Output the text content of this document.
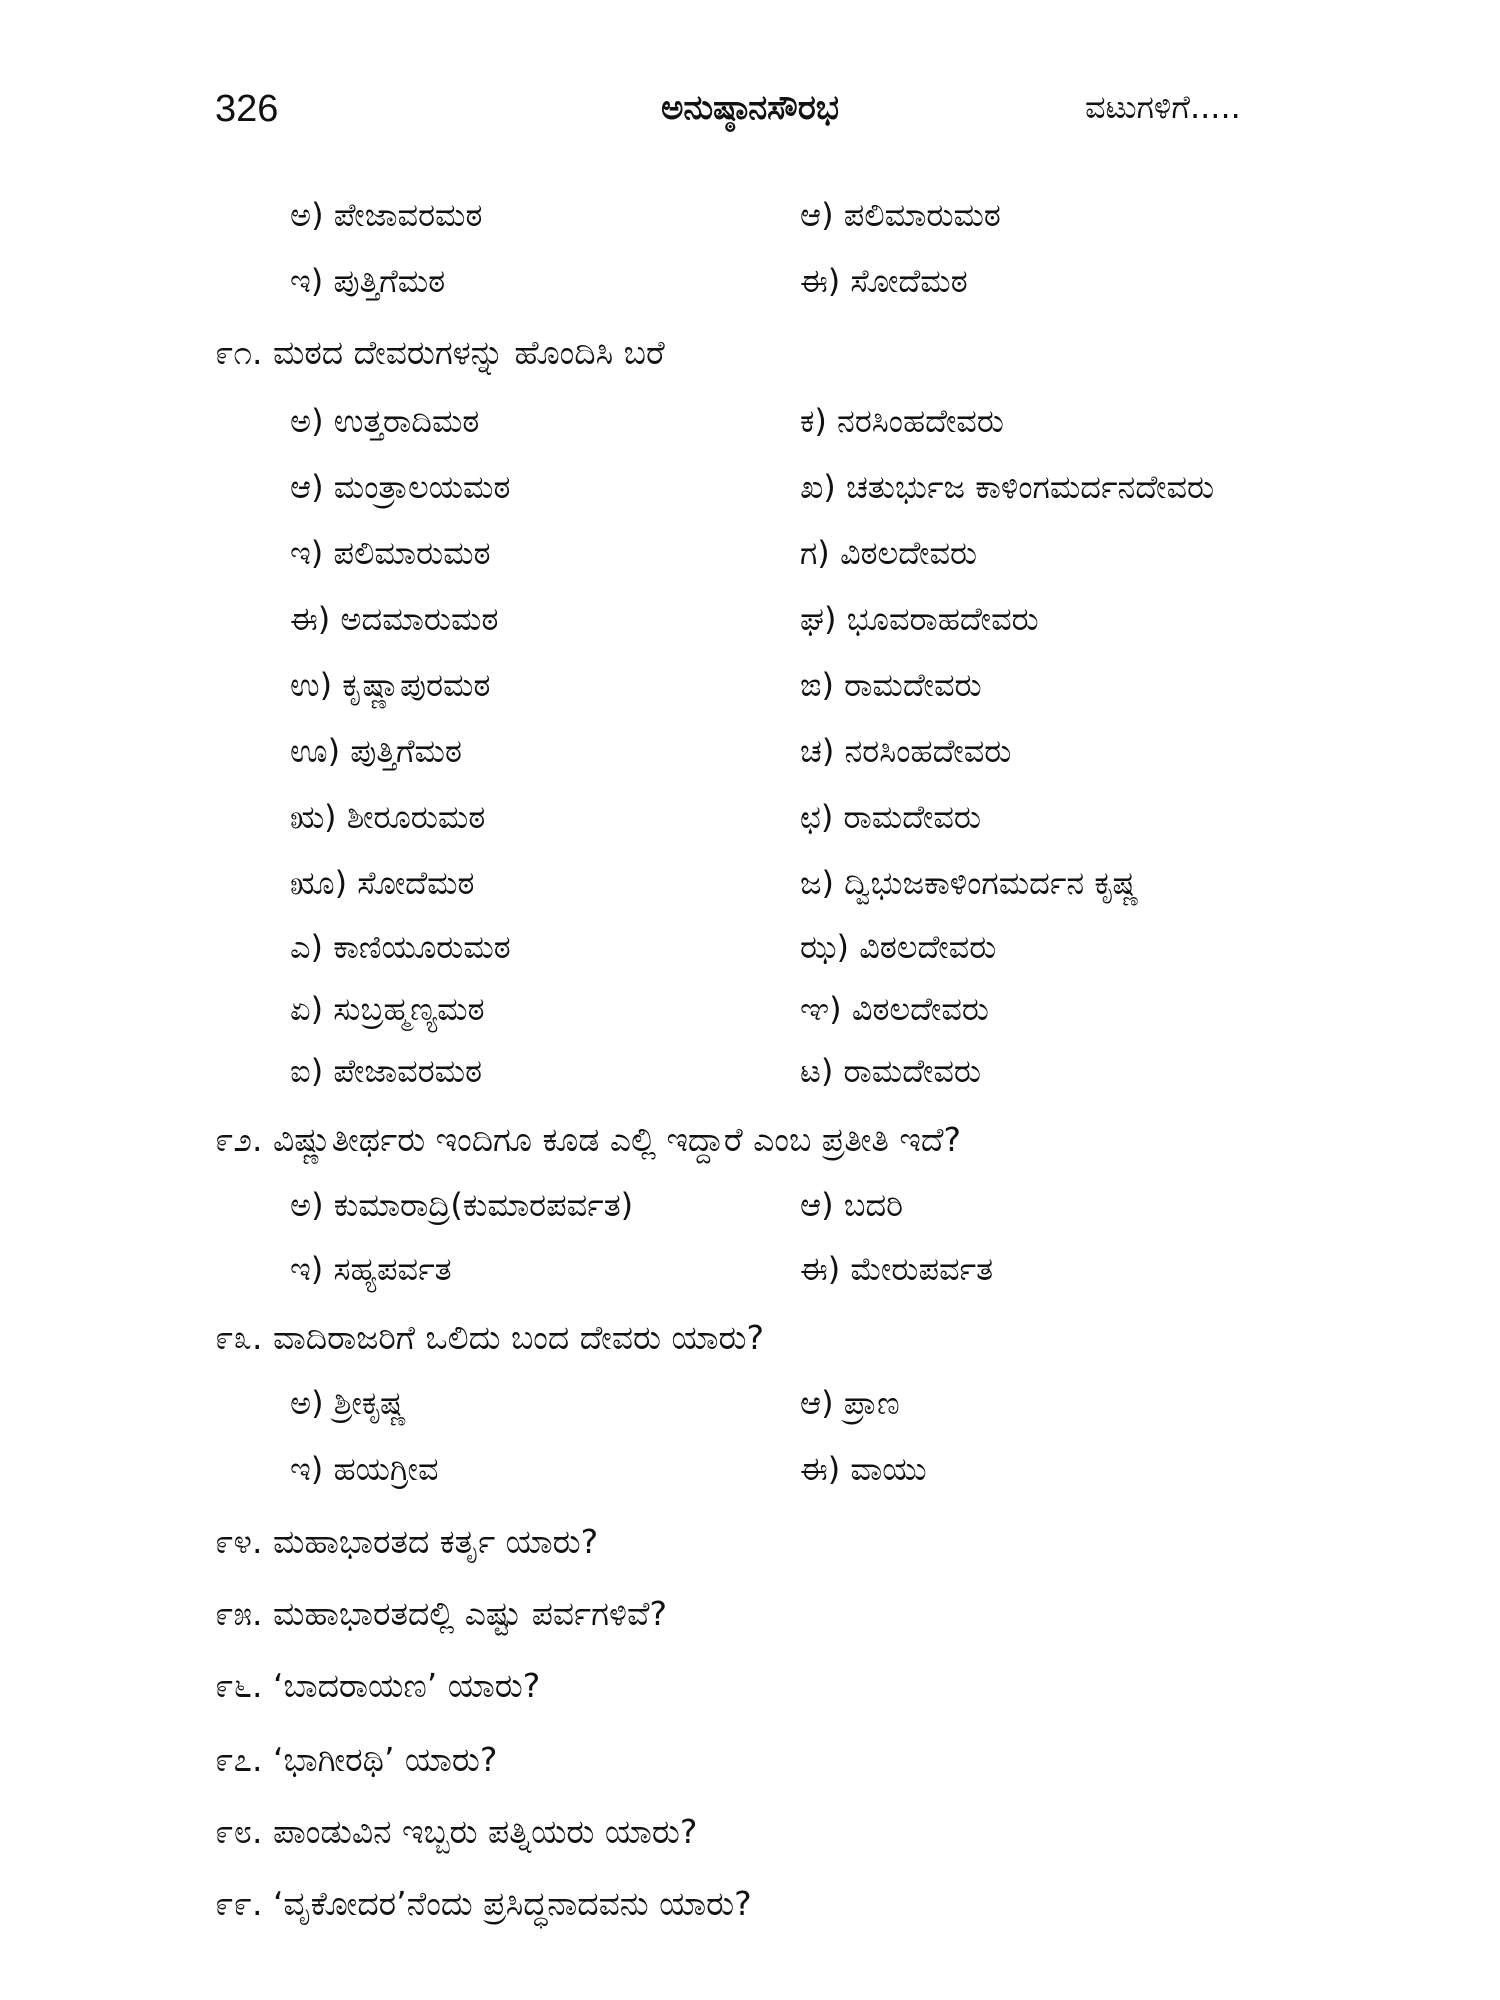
326	ಅನುಷ್ಠಾನಸೌರಭ	ವಟುಗಳಿಗೆ.....
ಅ) ಪೇಜಾವರಮಠ	ಆ) ಪಲಿಮಾರುಮಠ
ಇ) ಪುತ್ತಿಗೆಮಠ	ಈ) ಸೋದೆಮಠ
೯೧. ಮಠದ ದೇವರುಗಳನ್ನು ಹೊಂದಿಸಿ ಬರೆ
ಅ) ಉತ್ತರಾದಿಮಠ	ಕ) ನರಸಿಂಹದೇವರು
ಆ) ಮಂತ್ರಾಲಯಮಠ	ಖ) ಚತುರ್ಭುಜ ಕಾಳಿಂಗಮರ್ದನದೇವರು
ಇ) ಪಲಿಮಾರುಮಠ	ಗ) ವಿಠಲದೇವರು
ಈ) ಅದಮಾರುಮಠ	ಘ) ಭೂವರಾಹದೇವರು
ಉ) ಕೃಷ್ಣಾಪುರಮಠ	ಙ) ರಾಮದೇವರು
ಊ) ಪುತ್ತಿಗೆಮಠ	ಚ) ನರಸಿಂಹದೇವರು
ಋ) ಶೀರೂರುಮಠ	ಛ) ರಾಮದೇವರು
ೠ) ಸೋದೆಮಠ	ಜ) ದ್ವಿಭುಜಕಾಳಿಂಗಮರ್ದನ ಕೃಷ್ಣ
ಎ) ಕಾಣಿಯೂರುಮಠ	ಝ) ವಿಠಲದೇವರು
ಏ) ಸುಬ್ರಹ್ಮಣ್ಯಮಠ	ಞ) ವಿಠಲದೇವರು
ಐ) ಪೇಜಾವರಮಠ	ಟ) ರಾಮದೇವರು
೯೨. ವಿಷ್ಣುತೀರ್ಥರು ಇಂದಿಗೂ ಕೂಡ ಎಲ್ಲಿ ಇದ್ದಾರೆ ಎಂಬ ಪ್ರತೀತಿ ಇದೆ?
ಅ) ಕುಮಾರಾದ್ರಿ(ಕುಮಾರಪರ್ವತ)	ಆ) ಬದರಿ
ಇ) ಸಹ್ಯಪರ್ವತ	ಈ) ಮೇರುಪರ್ವತ
೯೩. ವಾದಿರಾಜರಿಗೆ ಒಲಿದು ಬಂದ ದೇವರು ಯಾರು?
ಅ) ಶ್ರೀಕೃಷ್ಣ	ಆ) ಪ್ರಾಣ
ಇ) ಹಯಗ್ರೀವ	ಈ) ವಾಯು
೯೪. ಮಹಾಭಾರತದ ಕರ್ತೃ ಯಾರು?
೯೫. ಮಹಾಭಾರತದಲ್ಲಿ ಎಷ್ಟು ಪರ್ವಗಳಿವೆ?
೯೬. ‘ಬಾದರಾಯಣ’ ಯಾರು?
೯೭. ‘ಭಾಗೀರಥಿ’ ಯಾರು?
೯೮. ಪಾಂಡುವಿನ ಇಬ್ಬರು ಪತ್ನಿಯರು ಯಾರು?
೯೯. ‘ವೃಕೋದರ’ನೆಂದು ಪ್ರಸಿದ್ಧನಾದವನು ಯಾರು?
